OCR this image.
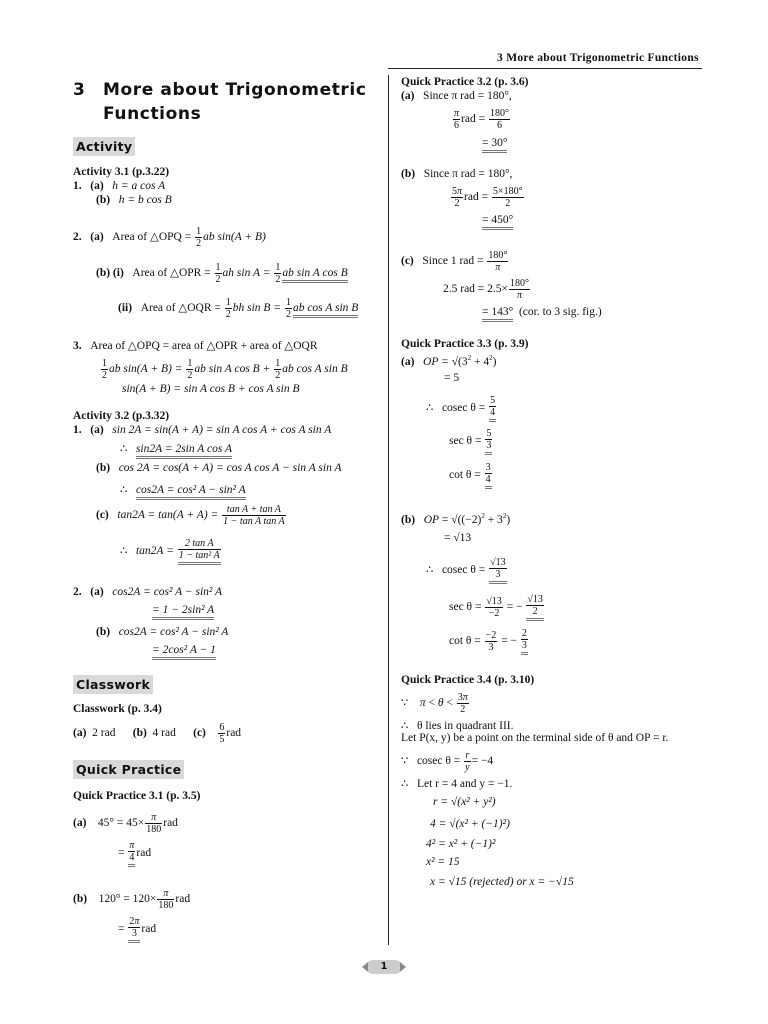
3 More about Trigonometric Functions
3 More about Trigonometric
Functions
Activity
Activity 3.1 (p.3.22)
1. (a) h = a cos A
(b) h = b cos B
2. (a) Area of △OPQ = $\frac{1}{2}$ ab sin(A + B)
(b) (i) Area of △OPR = $\frac{1}{2}$ ah $\sin A = \frac{1}{2}$ ab sin A cos B
(ii) Area of △OQR = $\frac{1}{2}$ bh $\sin B = \frac{1}{2}$ ab cos A sin B
3. Area of △OPQ = area of △OPR + area of △OQR
$\frac{1}{2}$ ab $\sin(A + B) = \frac{1}{2}$ ab sin A $\cos B + \frac{1}{2}$ ab cos A sin B
sin(A + B) = sin A cos B + cos A sin B
Activity 3.2 (p.3.32)
1. (a) sin 2A = sin(A + A) = sin A cos A + cos A sin A
∴ sin2A = 2sin A cos A
(b) cos 2A = cos(A + A) = cos A cos A − sin A sin A
∴ cos2A = cos² A − sin² A
(c) $\tan 2A = \tan(A + A) = \frac{\text{tan A + tan A}}{\text{1 − tan A tan A}}$
∴ $\tan 2A = \frac{\text{2 tan A}}{\text{1 − tan² A}}$
2. (a) cos2A = cos² A − sin² A
= 1 − 2sin² A
(b) cos2A = cos² A − sin² A
= 2cos² A − 1
Classwork
Classwork (p. 3.4)
(a) 2 rad (b) 4 rad $(c) \frac{6}{5}$ rad
Quick Practice
Quick Practice 3.1 (p. 3.5)
(a) $45^\circ = 45\times \frac{\pi}{180}$ rad
= $\frac{\pi}{4}$ rad
(b) $120^\circ = 120\times \frac{\pi}{180}$ rad
= $\frac{2\pi}{3}$ rad
Quick Practice 3.2 (p. 3.6)
(a) Since π rad = 180°,
$\frac{\pi}{6}$ rad = $\frac{180^\circ}{6}$
= 30°
(b) Since π rad = 180°,
$\frac{5\pi}{2}$ rad = $\frac{5\times 180^\circ}{2}$
= 450°
(c) Since 1 rad = $\frac{180^\circ}{\pi}$
2.5 rad = $2.5\times \frac{180^\circ}{\pi}$
= 143° (cor. to 3 sig. fig.)
Quick Practice 3.3 (p. 3.9)
(a) OP = $√(3^2 + 4^2)$
= 5
∴ cosec $\theta = \frac{5}{4}$
$\sec \theta = \frac{5}{3}$
$\cot \theta = \frac{3}{4}$
(b) OP = $√((-2)^2 + 3^2)$
= √13
∴ cosec $\theta = \frac{√13}{3}$
$\sec \theta = \frac{√13}{-2}$ = − $\frac{√13}{2}$
$\cot \theta = \frac{-2}{3}$ = − $\frac{2}{3}$
Quick Practice 3.4 (p. 3.10)
∵ $\pi < \theta < \frac{3\pi}{2}$
∴ θ lies in quadrant III.
Let P(x, y) be a point on the terminal side of θ and OP = r.
∵ cosec $\theta = \frac{r}{y} = -4$
∴ Let r = 4 and y = −1.
r = √(x² + y²)
4 = √(x² + (−1)²)
4² = x² + (−1)²
x² = 15
x = √15 (rejected) or x = −√15
1
